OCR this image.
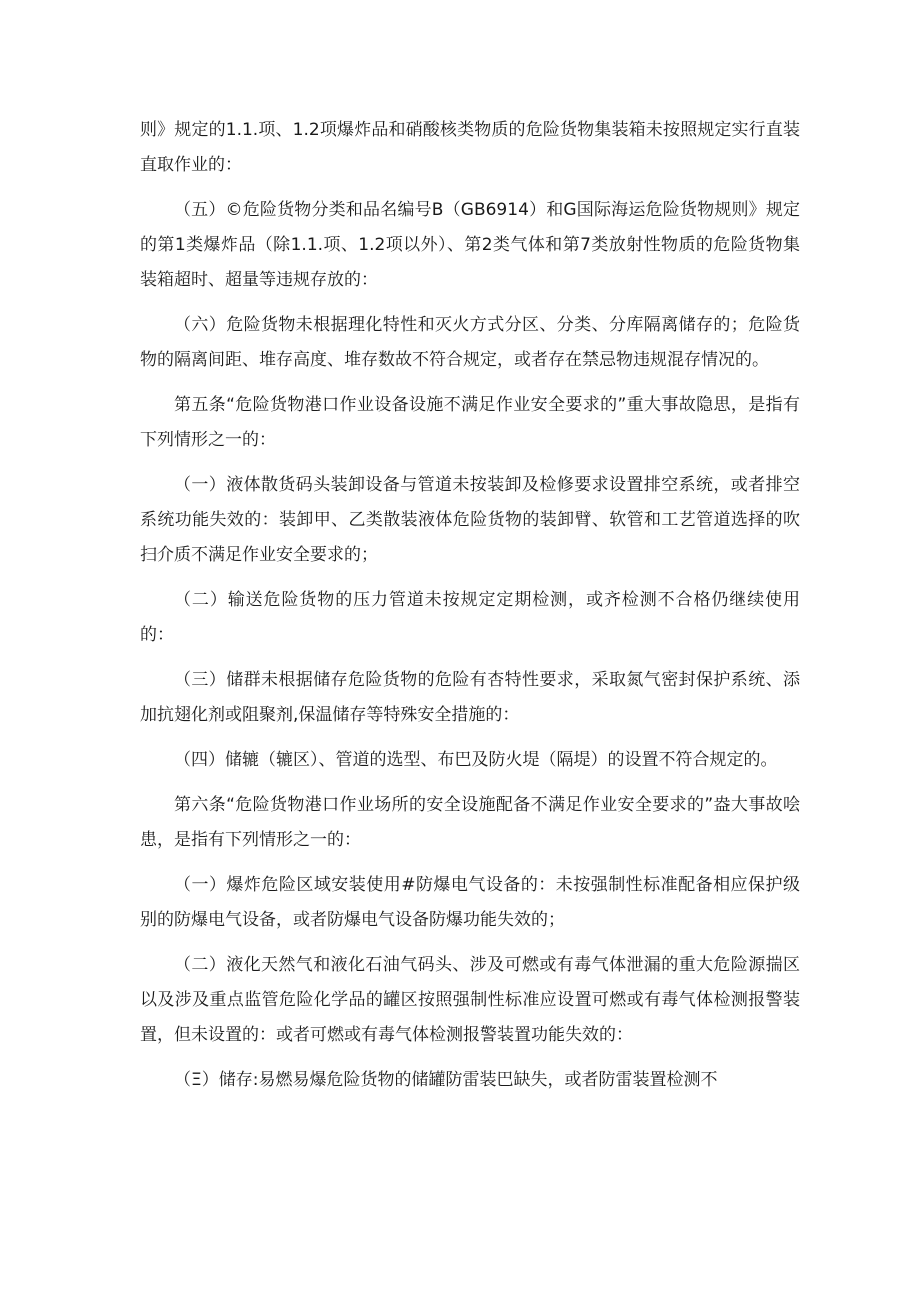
则》规定的1.1.项、1.2项爆炸品和硝酸核类物质的危险货物集装箱未按照规定实行直装直取作业的：

（五）©危险货物分类和品名编号B（GB6914）和G国际海运危险货物规则》规定的第1类爆炸品（除1.1.项、1.2项以外）、第2类气体和第7类放射性物质的危险货物集装箱超时、超量等违规存放的：

（六）危险货物未根据理化特性和灭火方式分区、分类、分库隔离储存的；危险货物的隔离间距、堆存高度、堆存数故不符合规定，或者存在禁忌物违规混存情况的。

第五条“危险货物港口作业设备设施不满足作业安全要求的”重大事故隐思，是指有下列情形之一的：

（一）液体散货码头装卸设备与管道未按装卸及检修要求设置排空系统，或者排空系统功能失效的：装卸甲、乙类散装液体危险货物的装卸臂、软管和工艺管道选择的吹扫介质不满足作业安全要求的；

（二）输送危险货物的压力管道未按规定定期检测，或齐检测不合格仍继续使用的：

（三）储群未根据储存危险货物的危险有杏特性要求，采取氮气密封保护系统、添加抗翅化剂或阻聚剂,保温储存等特殊安全措施的：

（四）储辘（辘区）、管道的选型、布巴及防火堤（隔堤）的设置不符合规定的。

第六条“危险货物港口作业场所的安全设施配备不满足作业安全要求的”盎大事故哙患，是指有下列情形之一的：

（一）爆炸危险区域安装使用#防爆电气设备的：未按强制性标准配备相应保护级别的防爆电气设备，或者防爆电气设备防爆功能失效的；

（二）液化天然气和液化石油气码头、涉及可燃或有毒气体泄漏的重大危险源揣区以及涉及重点监管危险化学品的罐区按照强制性标准应设置可燃或有毒气体检测报警装置，但未设置的：或者可燃或有毒气体检测报警装置功能失效的：

（Ξ）储存:易燃易爆危险货物的储罐防雷装巴缺失，或者防雷装置检测不
